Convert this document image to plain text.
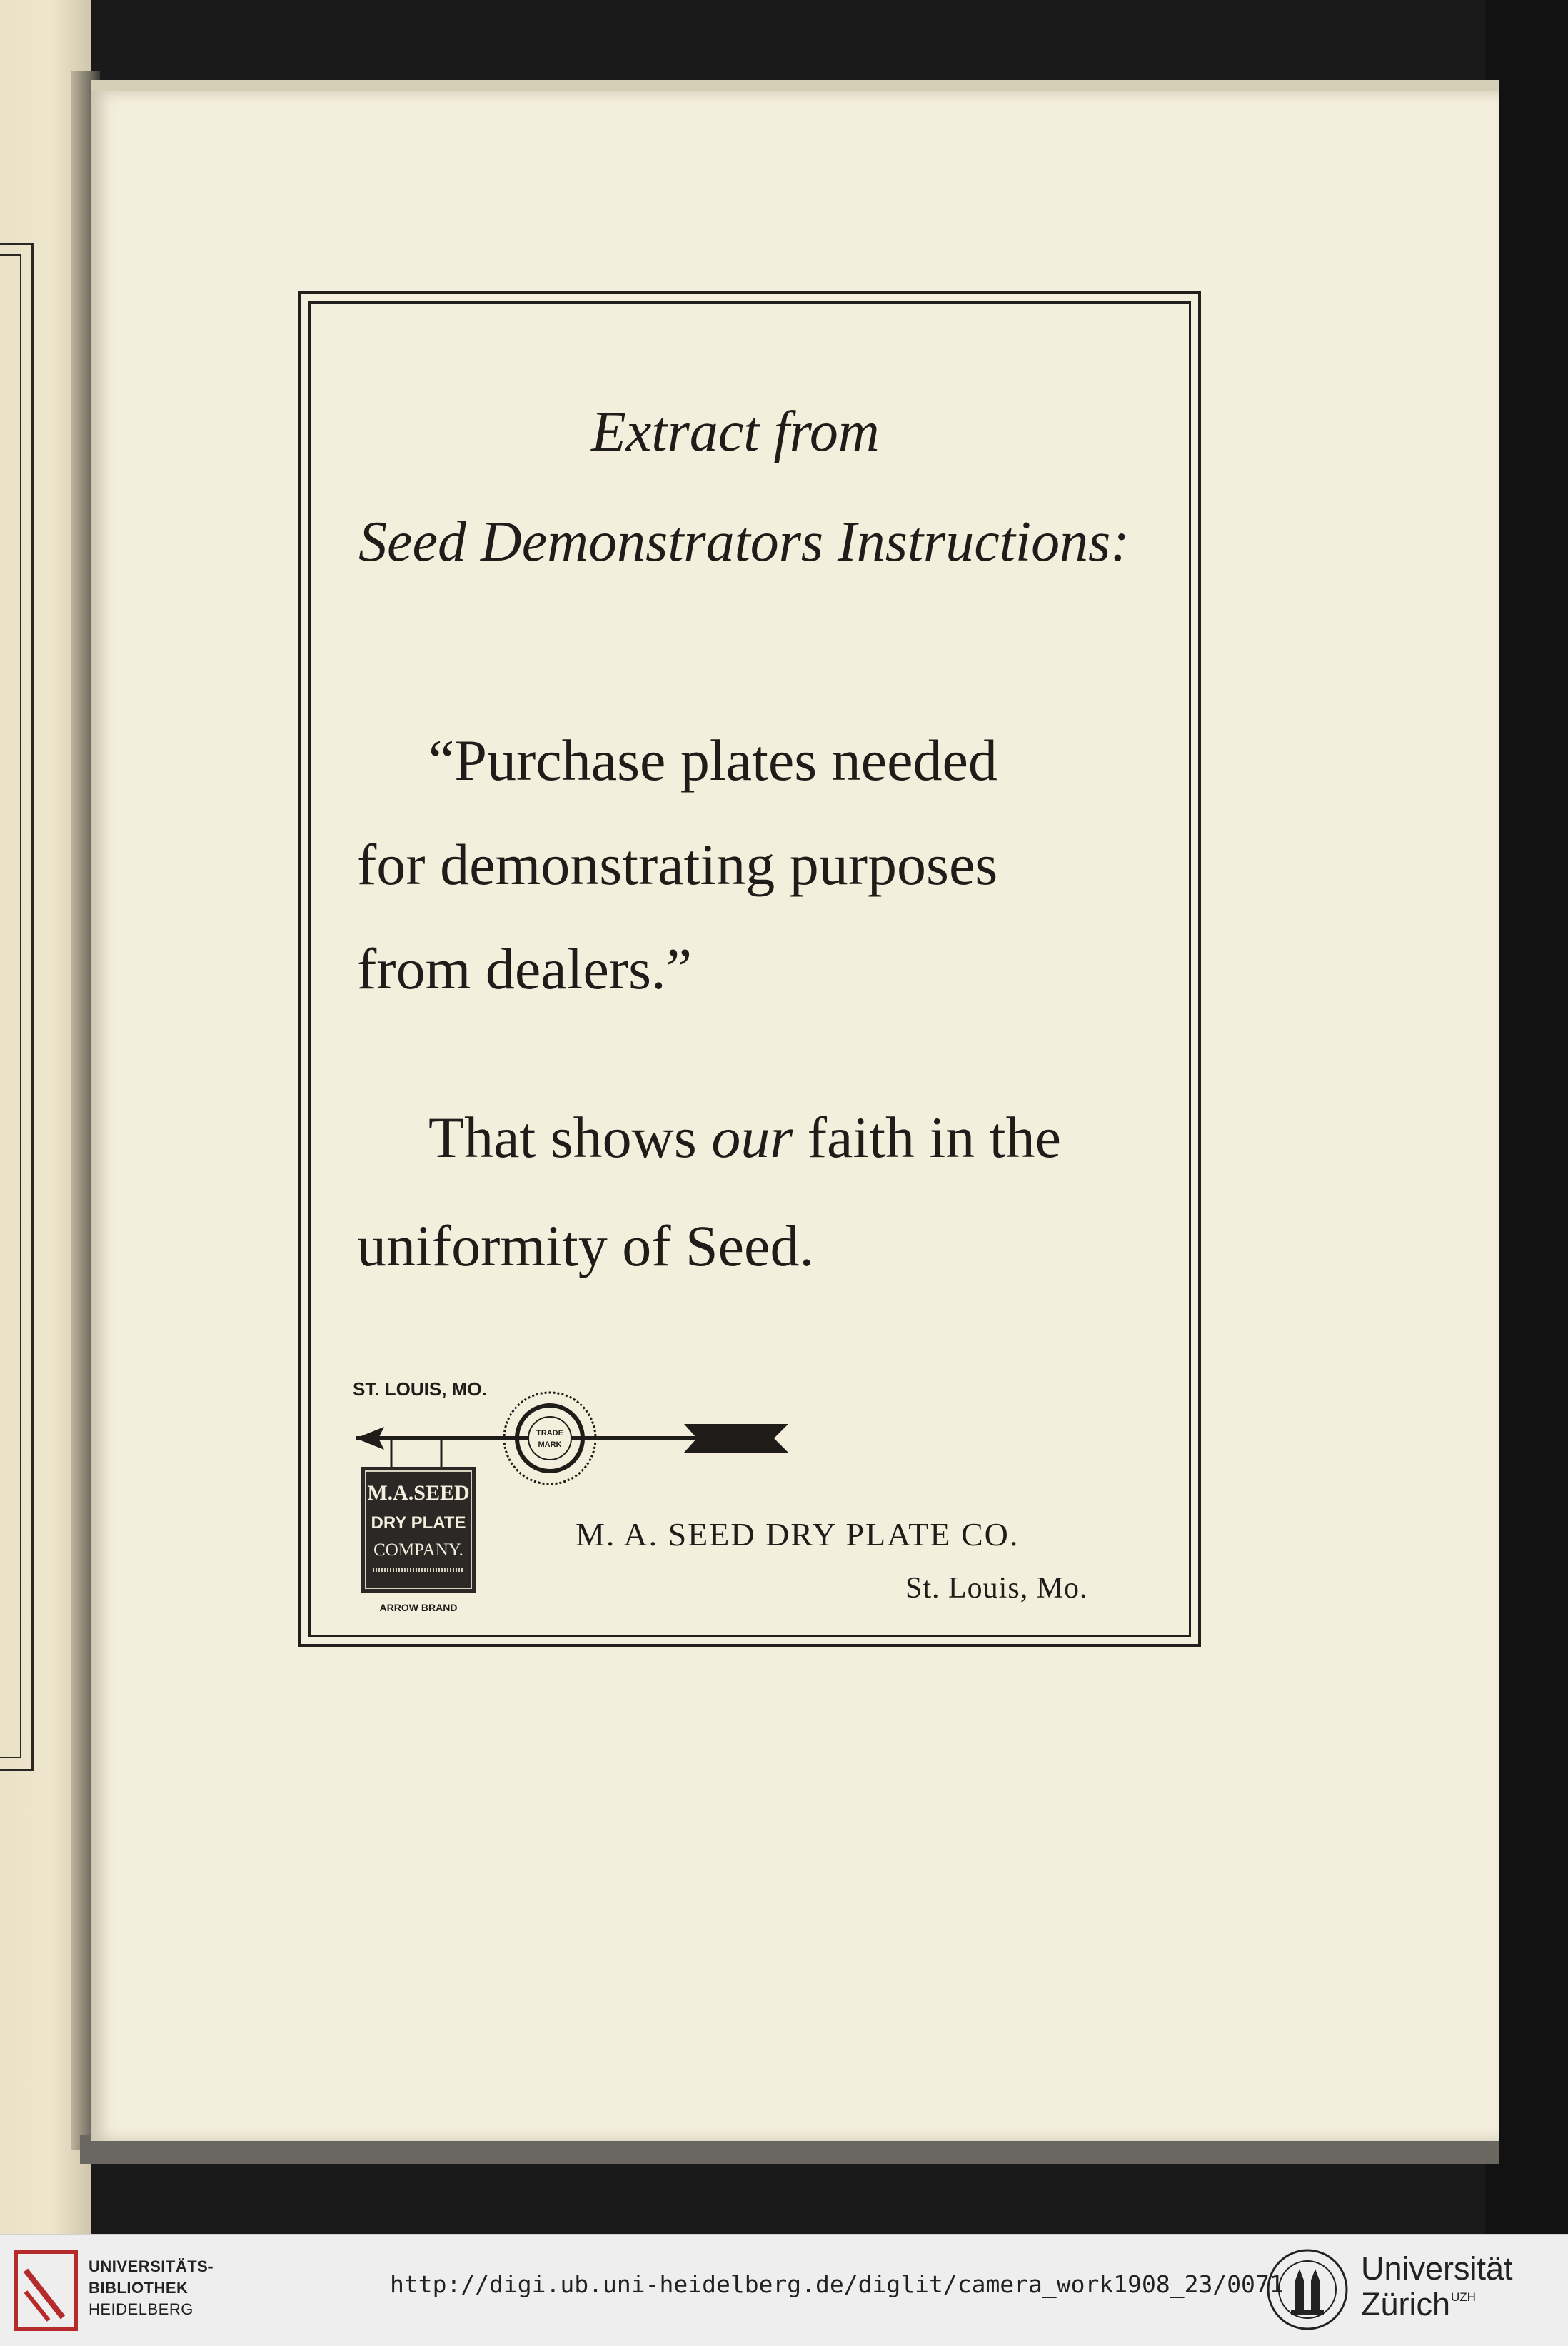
Extract from
Seed Demonstrators Instructions:
“Purchase plates needed
for demonstrating purposes
from dealers.”
That shows our faith in the
uniformity of Seed.
ST. LOUIS, MO.
TRADE
MARK
M.A.SEED
DRY PLATE
COMPANY.
ARROW BRAND
M. A. SEED DRY PLATE CO.
St. Louis, Mo.
UNIVERSITÄTS-
BIBLIOTHEK
HEIDELBERG
http://digi.ub.uni-heidelberg.de/diglit/camera_work1908_23/0071 Universität
Zürich UZH
